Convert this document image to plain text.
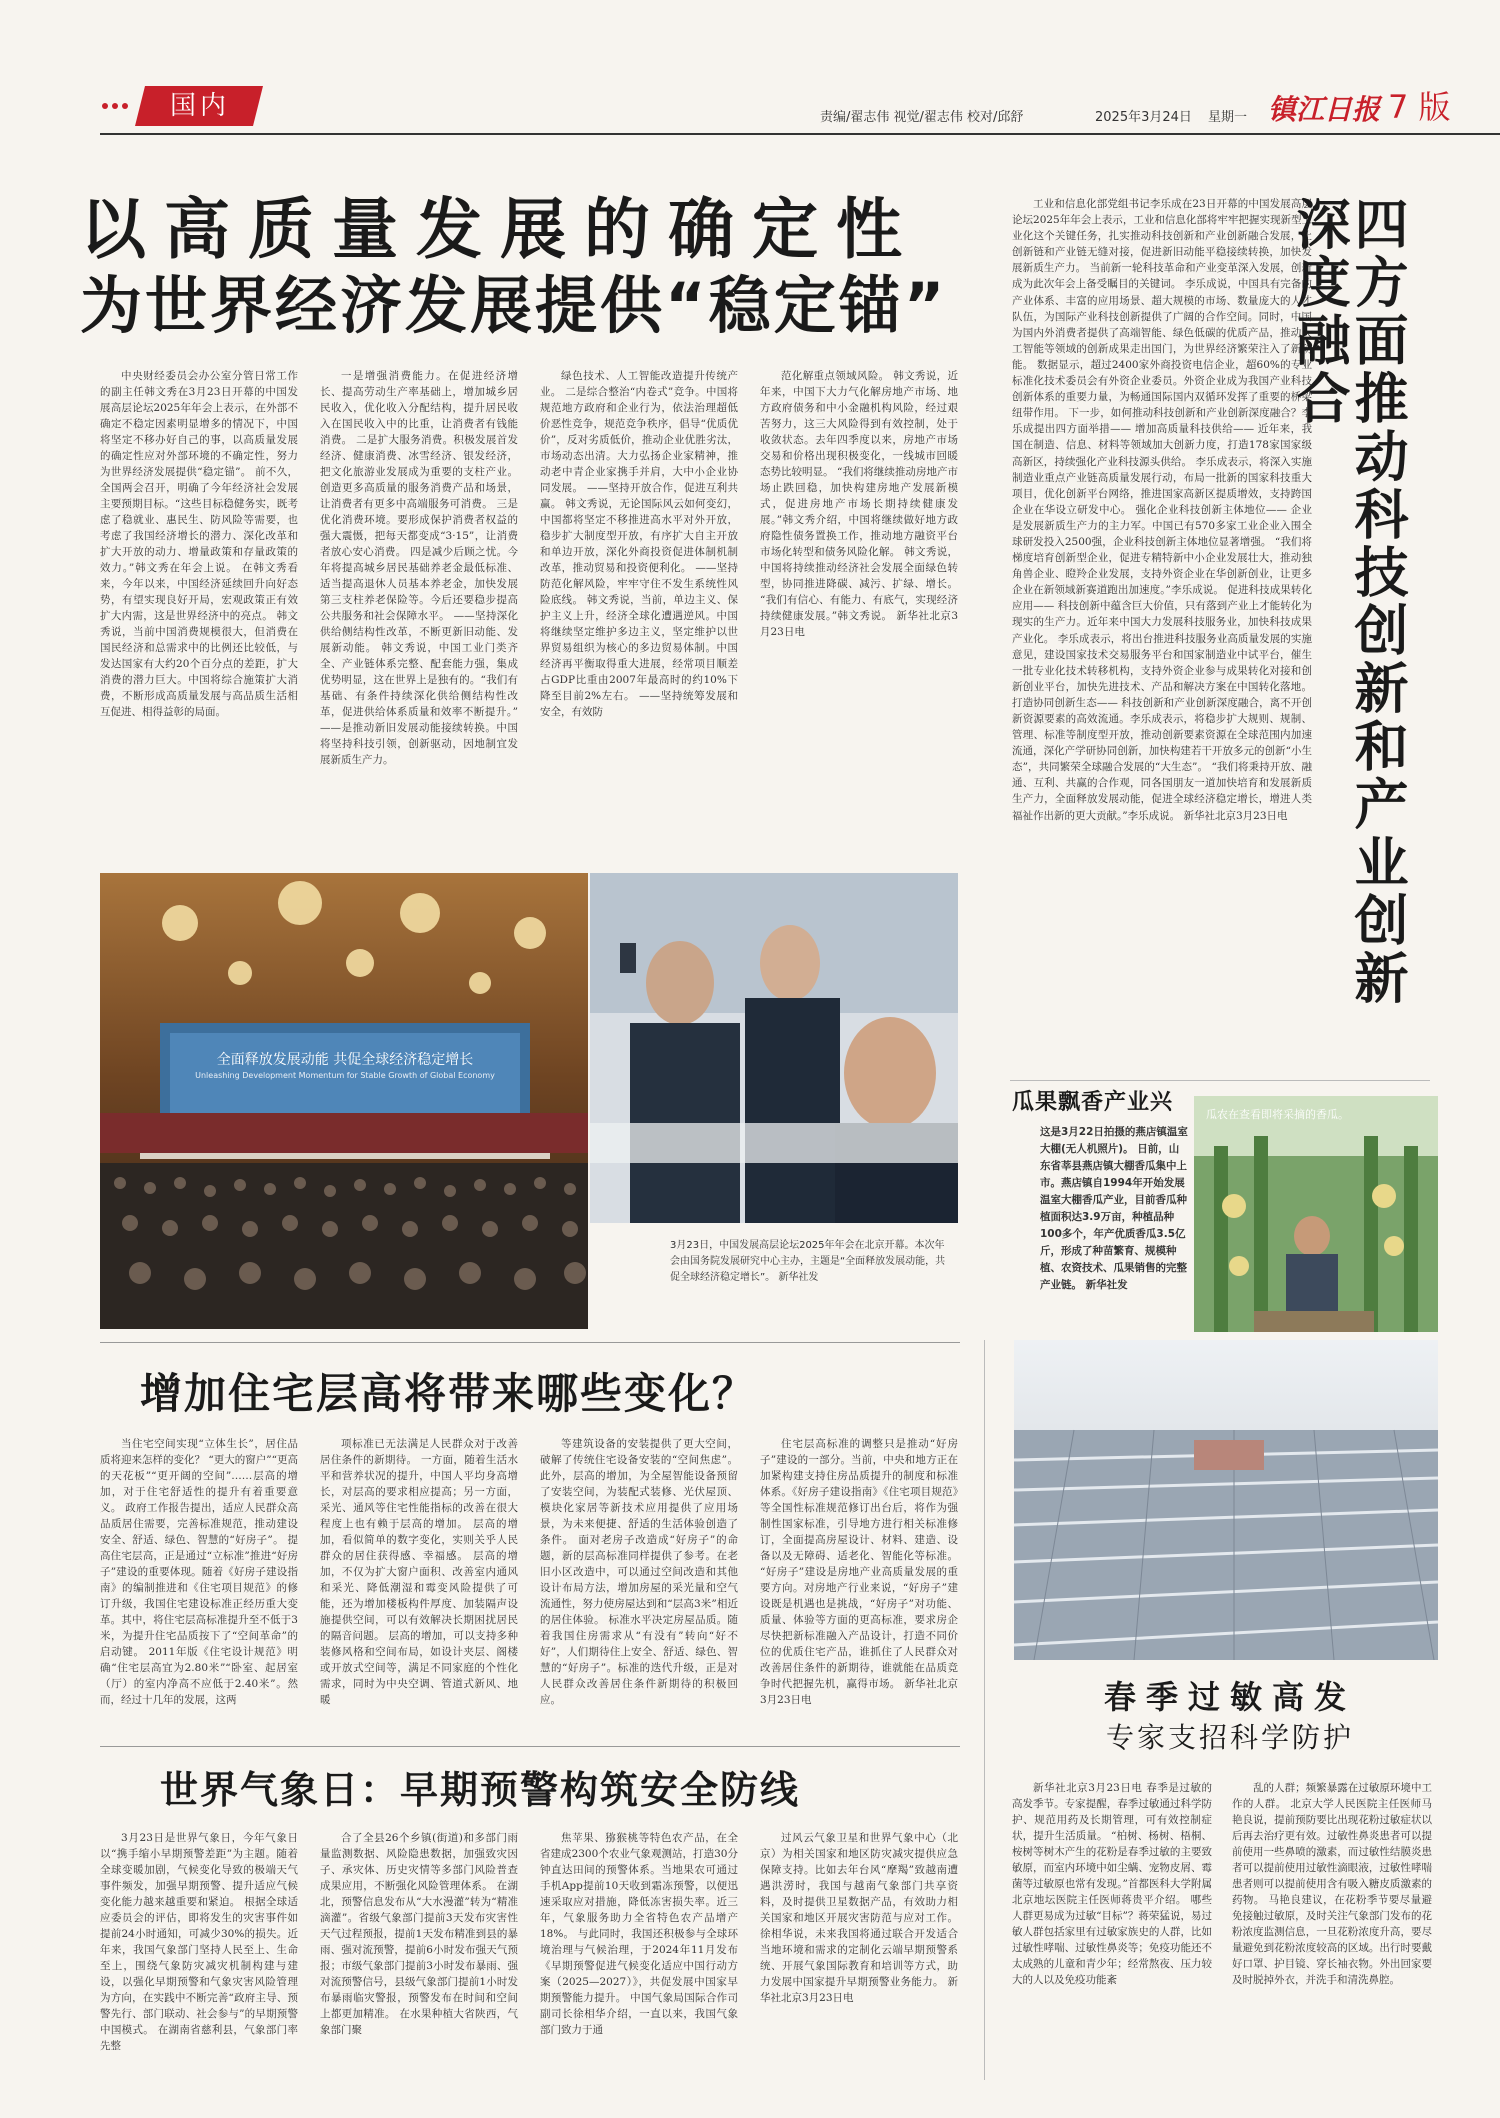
国内	责编/翟志伟 视觉/翟志伟 校对/邱舒	2025年3月24日	星期一 镇江日报 7 版
以高质量发展的确定性
为世界经济发展提供“稳定锚”

中央财经委员会办公室分管日常工作的副主任韩文秀在3月23日开幕的中国发展高层论坛2025年年会上表示，在外部不确定不稳定因素明显增多的情况下，中国将坚定不移办好自己的事，以高质量发展的确定性应对外部环境的不确定性，努力为世界经济发展提供“稳定锚”。 前不久，全国两会召开，明确了今年经济社会发展主要预期目标。“这些目标稳健务实，既考虑了稳就业、惠民生、防风险等需要，也考虑了我国经济增长的潜力、深化改革和扩大开放的动力、增量政策和存量政策的效力。”韩文秀在年会上说。 在韩文秀看来，今年以来，中国经济延续回升向好态势，有望实现良好开局，宏观政策正有效扩大内需，这是世界经济中的亮点。 韩文秀说，当前中国消费规模很大，但消费在国民经济和总需求中的比例还比较低，与发达国家有大约20个百分点的差距，扩大消费的潜力巨大。中国将综合施策扩大消费，不断形成高质量发展与高品质生活相互促进、相得益彰的局面。

一是增强消费能力。在促进经济增长、提高劳动生产率基础上，增加城乡居民收入，优化收入分配结构，提升居民收入在国民收入中的比重，让消费者有钱能消费。 二是扩大服务消费。积极发展首发经济、健康消费、冰雪经济、银发经济，把文化旅游业发展成为重要的支柱产业。创造更多高质量的服务消费产品和场景，让消费者有更多中高端服务可消费。 三是优化消费环境。要形成保护消费者权益的强大震慑，把每天都变成“3·15”，让消费者放心安心消费。 四是减少后顾之忧。今年将提高城乡居民基础养老金最低标准、适当提高退休人员基本养老金，加快发展第三支柱养老保险等。今后还要稳步提高公共服务和社会保障水平。 ——坚持深化供给侧结构性改革，不断更新旧动能、发展新动能。 韩文秀说，中国工业门类齐全、产业链体系完整、配套能力强，集成优势明显，这在世界上是独有的。“我们有基础、有条件持续深化供给侧结构性改革，促进供给体系质量和效率不断提升。” ——是推动新旧发展动能接续转换。中国将坚持科技引领，创新驱动，因地制宜发展新质生产力。

绿色技术、人工智能改造提升传统产业。 二是综合整治“内卷式”竞争。中国将规范地方政府和企业行为，依法治理超低价恶性竞争，规范竞争秩序，倡导“优质优价”，反对劣质低价，推动企业优胜劣汰，市场动态出清。大力弘扬企业家精神，推动老中青企业家携手并肩，大中小企业协同发展。 ——坚持开放合作，促进互利共赢。 韩文秀说，无论国际风云如何变幻，中国都将坚定不移推进高水平对外开放，稳步扩大制度型开放，有序扩大自主开放和单边开放，深化外商投资促进体制机制改革，推动贸易和投资便利化。 ——坚持防范化解风险，牢牢守住不发生系统性风险底线。 韩文秀说，当前，单边主义、保护主义上升，经济全球化遭遇逆风。中国将继续坚定维护多边主义，坚定维护以世界贸易组织为核心的多边贸易体制。中国经济再平衡取得重大进展，经常项目顺差占GDP比重由2007年最高时的约10%下降至目前2%左右。 ——坚持统筹发展和安全，有效防

范化解重点领域风险。 韩文秀说，近年来，中国下大力气化解房地产市场、地方政府债务和中小金融机构风险，经过艰苦努力，这三大风险得到有效控制，处于收敛状态。去年四季度以来，房地产市场交易和价格出现积极变化，一线城市回暖态势比较明显。 “我们将继续推动房地产市场止跌回稳，加快构建房地产发展新模式，促进房地产市场长期持续健康发展。”韩文秀介绍，中国将继续做好地方政府隐性债务置换工作，推动地方融资平台市场化转型和债务风险化解。 韩文秀说，中国将持续推动经济社会发展全面绿色转型，协同推进降碳、减污、扩绿、增长。 “我们有信心、有能力、有底气，实现经济持续健康发展。”韩文秀说。 新华社北京3月23日电

全面释放发展动能 共促全球经济稳定增长
Unleashing Development Momentum for Stable Growth of Global Economy
3月23日，中国发展高层论坛2025年年会在北京开幕。本次年会由国务院发展研究中心主办，主题是“全面释放发展动能，共促全球经济稳定增长”。 新华社发

工业和信息化部党组书记李乐成在23日开幕的中国发展高层论坛2025年年会上表示，工业和信息化部将牢牢把握实现新型工业化这个关键任务，扎实推动科技创新和产业创新融合发展，让创新链和产业链无缝对接，促进新旧动能平稳接续转换，加快发展新质生产力。 当前新一轮科技革命和产业变革深入发展，创新成为此次年会上备受瞩目的关键词。 李乐成说，中国具有完备的产业体系、丰富的应用场景、超大规模的市场、数量庞大的人才队伍，为国际产业科技创新提供了广阔的合作空间。同时，中国为国内外消费者提供了高端智能、绿色低碳的优质产品，推动人工智能等领域的创新成果走出国门，为世界经济繁荣注入了新动能。 数据显示，超过2400家外商投资电信企业，超60%的专业标准化技术委员会有外资企业委员。外资企业成为我国产业科技创新体系的重要力量，为畅通国际国内双循环发挥了重要的桥梁纽带作用。 下一步，如何推动科技创新和产业创新深度融合？李乐成提出四方面举措—— 增加高质量科技供给—— 近年来，我国在制造、信息、材料等领域加大创新力度，打造178家国家级高新区，持续强化产业科技源头供给。 李乐成表示，将深入实施制造业重点产业链高质量发展行动，布局一批新的国家科技重大项目，优化创新平台网络，推进国家高新区提质增效，支持跨国企业在华设立研发中心。 强化企业科技创新主体地位—— 企业是发展新质生产力的主力军。中国已有570多家工业企业入围全球研发投入2500强，企业科技创新主体地位显著增强。 “我们将梯度培育创新型企业，促进专精特新中小企业发展壮大，推动独角兽企业、瞪羚企业发展，支持外资企业在华创新创业，让更多企业在新领域新赛道跑出加速度。”李乐成说。 促进科技成果转化应用—— 科技创新中蕴含巨大价值，只有落到产业上才能转化为现实的生产力。近年来中国大力发展科技服务业，加快科技成果产业化。 李乐成表示，将出台推进科技服务业高质量发展的实施意见，建设国家技术交易服务平台和国家制造业中试平台，催生一批专业化技术转移机构，支持外资企业参与成果转化对接和创新创业平台，加快先进技术、产品和解决方案在中国转化落地。 打造协同创新生态—— 科技创新和产业创新深度融合，离不开创新资源要素的高效流通。李乐成表示，将稳步扩大规则、规制、管理、标准等制度型开放，推动创新要素资源在全球范围内加速流通，深化产学研协同创新，加快构建若干开放多元的创新“小生态”，共同繁荣全球融合发展的“大生态”。 “我们将秉持开放、融通、互利、共赢的合作观，同各国朋友一道加快培育和发展新质生产力，全面释放发展动能，促进全球经济稳定增长，增进人类福祉作出新的更大贡献。”李乐成说。 新华社北京3月23日电	四方面推动科技创新和产业创新深度融合
瓜果飘香产业兴
这是3月22日拍摄的燕店镇温室大棚(无人机照片)。 日前，山东省莘县燕店镇大棚香瓜集中上市。燕店镇自1994年开始发展温室大棚香瓜产业，目前香瓜种植面积达3.9万亩，种植品种100多个，年产优质香瓜3.5亿斤，形成了种苗繁育、规模种植、农资技术、瓜果销售的完整产业链。 新华社发
瓜农在查看即将采摘的香瓜。
增加住宅层高将带来哪些变化？

当住宅空间实现“立体生长”，居住品质将迎来怎样的变化？ “更大的窗户”“更高的天花板”“更开阔的空间”……层高的增加，对于住宅舒适性的提升有着重要意义。 政府工作报告提出，适应人民群众高品质居住需要，完善标准规范，推动建设安全、舒适、绿色、智慧的“好房子”。 提高住宅层高，正是通过“立标准”推进“好房子”建设的重要体现。随着《好房子建设指南》的编制推进和《住宅项目规范》的修订升级，我国住宅建设标准正经历重大变革。其中，将住宅层高标准提升至不低于3米，为提升住宅品质按下了“空间革命”的启动键。 2011年版《住宅设计规范》明确“住宅层高宜为2.80米”“卧室、起居室（厅）的室内净高不应低于2.40米”。然而，经过十几年的发展，这两

项标准已无法满足人民群众对于改善居住条件的新期待。 一方面，随着生活水平和营养状况的提升，中国人平均身高增长，对层高的要求相应提高；另一方面，采光、通风等住宅性能指标的改善在很大程度上也有赖于层高的增加。 层高的增加，看似简单的数字变化，实则关乎人民群众的居住获得感、幸福感。 层高的增加，不仅为扩大窗户面积、改善室内通风和采光、降低潮湿和霉变风险提供了可能，还为增加楼板构件厚度、加装隔声设施提供空间，可以有效解决长期困扰居民的隔音问题。 层高的增加，可以支持多种装修风格和空间布局，如设计夹层、阁楼或开放式空间等，满足不同家庭的个性化需求，同时为中央空调、管道式新风、地暖

等建筑设备的安装提供了更大空间，破解了传统住宅设备安装的“空间焦虑”。 此外，层高的增加，为全屋智能设备预留了安装空间，为装配式装修、光伏屋顶、模块化家居等新技术应用提供了应用场景，为未来便捷、舒适的生活体验创造了条件。 面对老房子改造成“好房子”的命题，新的层高标准同样提供了参考。在老旧小区改造中，可以通过空间改造和其他设计布局方法，增加房屋的采光量和空气流通性，努力使房屋达到和“层高3米”相近的居住体验。 标准水平决定房屋品质。随着我国住房需求从“有没有”转向“好不好”，人们期待住上安全、舒适、绿色、智慧的“好房子”。标准的迭代升级，正是对人民群众改善居住条件新期待的积极回应。

住宅层高标准的调整只是推动“好房子”建设的一部分。当前，中央和地方正在加紧构建支持住房品质提升的制度和标准体系。《好房子建设指南》《住宅项目规范》等全国性标准规范修订出台后，将作为强制性国家标准，引导地方进行相关标准修订，全面提高房屋设计、材料、建造、设备以及无障碍、适老化、智能化等标准。 “好房子”建设是房地产业高质量发展的重要方向。对房地产行业来说，“好房子”建设既是机遇也是挑战，“好房子”对功能、质量、体验等方面的更高标准，要求房企尽快把新标准融入产品设计，打造不同价位的优质住宅产品，谁抓住了人民群众对改善居住条件的新期待，谁就能在品质竞争时代把握先机，赢得市场。 新华社北京3月23日电

世界气象日：早期预警构筑安全防线

3月23日是世界气象日，今年气象日以“携手缩小早期预警差距”为主题。随着全球变暖加剧，气候变化导致的极端天气事件频发，加强早期预警、提升适应气候变化能力越来越重要和紧迫。 根据全球适应委员会的评估，即将发生的灾害事件如提前24小时通知，可减少30%的损失。近年来，我国气象部门坚持人民至上、生命至上，围绕气象防灾减灾机制构建与建设，以强化早期预警和气象灾害风险管理为方向，在实践中不断完善“政府主导、预警先行、部门联动、社会参与”的早期预警中国模式。 在湖南省慈利县，气象部门率先整

合了全县26个乡镇(街道)和多部门雨量监测数据、风险隐患数据，加强致灾因子、承灾体、历史灾情等多部门风险普查成果应用，不断强化风险管理体系。 在湖北，预警信息发布从“大水漫灌”转为“精准滴灌”。省级气象部门提前3天发布灾害性天气过程预报，提前1天发布精准到县的暴雨、强对流预警，提前6小时发布强天气预报；市级气象部门提前3小时发布暴雨、强对流预警信号，县级气象部门提前1小时发布暴雨临灾警报，预警发布在时间和空间上都更加精准。 在水果种植大省陕西，气象部门聚

焦苹果、猕猴桃等特色农产品，在全省建成2300个农业气象观测站，打造30分钟直达田间的预警体系。当地果农可通过手机App提前10天收到霜冻预警，以便迅速采取应对措施，降低冻害损失率。近三年，气象服务助力全省特色农产品增产18%。 与此同时，我国还积极参与全球环境治理与气候治理，于2024年11月发布《早期预警促进气候变化适应中国行动方案（2025—2027）》，共促发展中国家早期预警能力提升。 中国气象局国际合作司副司长徐相华介绍，一直以来，我国气象部门致力于通

过风云气象卫星和世界气象中心（北京）为相关国家和地区防灾减灾提供应急保障支持。比如去年台风“摩羯”致越南遭遇洪涝时，我国与越南气象部门共享资料，及时提供卫星数据产品，有效助力相关国家和地区开展灾害防范与应对工作。 徐相华说，未来我国将通过联合开发适合当地环境和需求的定制化云端早期预警系统、开展气象国际教育和培训等方式，助力发展中国家提升早期预警业务能力。 新华社北京3月23日电

春季过敏高发
专家支招科学防护

新华社北京3月23日电 春季是过敏的高发季节。专家提醒，春季过敏通过科学防护、规范用药及长期管理，可有效控制症状，提升生活质量。 “柏树、杨树、梧桐、桉树等树木产生的花粉是春季过敏的主要致敏原，而室内环境中如尘螨、宠物皮屑、霉菌等过敏原也常有发现。”首都医科大学附属北京地坛医院主任医师蒋贵平介绍。 哪些人群更易成为过敏“目标”？蒋荣猛说，易过敏人群包括家里有过敏家族史的人群，比如过敏性哮喘、过敏性鼻炎等；免疫功能还不太成熟的儿童和青少年；经常熬夜、压力较大的人以及免疫功能紊

乱的人群；频繁暴露在过敏原环境中工作的人群。 北京大学人民医院主任医师马艳良说，提前预防要比出现花粉过敏症状以后再去治疗更有效。过敏性鼻炎患者可以提前使用一些鼻喷的激素，而过敏性结膜炎患者可以提前使用过敏性滴眼液，过敏性哮喘患者则可以提前使用含有吸入糖皮质激素的药物。 马艳良建议，在花粉季节要尽量避免接触过敏原，及时关注气象部门发布的花粉浓度监测信息，一旦花粉浓度升高，要尽量避免到花粉浓度较高的区域。出行时要戴好口罩、护目镜、穿长袖衣物。外出回家要及时脱掉外衣，并洗手和清洗鼻腔。
